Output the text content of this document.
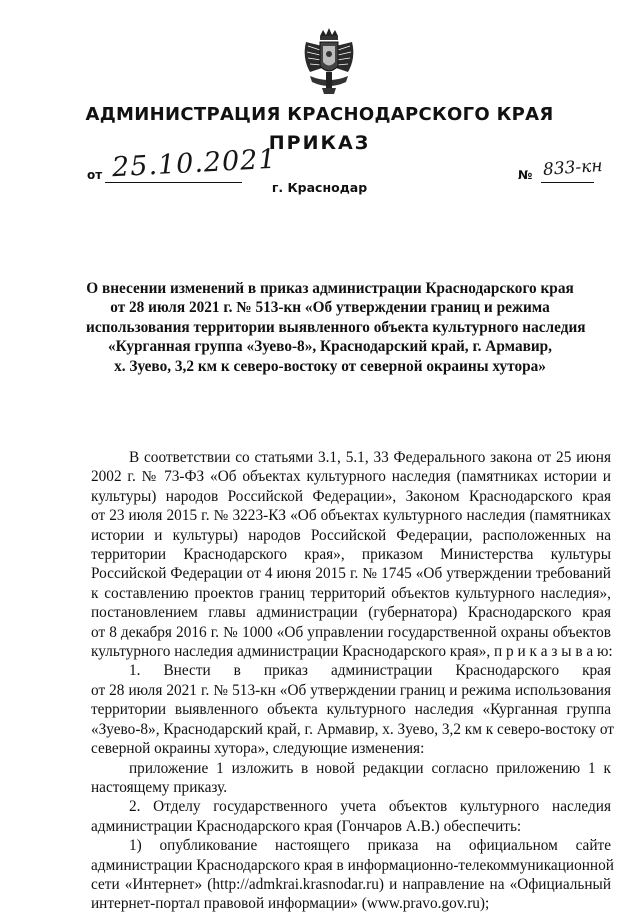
АДМИНИСТРАЦИЯ КРАСНОДАРСКОГО КРАЯ
ПРИКАЗ
от 25.10.2021	№ 833-кн
г. Краснодар
О внесении изменений в приказ администрации Краснодарского края
от 28 июля 2021 г. № 513-кн «Об утверждении границ и режима
использования территории выявленного объекта культурного наследия
«Курганная группа «Зуево-8», Краснодарский край, г. Армавир,
х. Зуево, 3,2 км к северо-востоку от северной окраины хутора»
В соответствии со статьями 3.1, 5.1, 33 Федерального закона от 25 июня
2002 г. № 73-ФЗ «Об объектах культурного наследия (памятниках истории и
культуры) народов Российской Федерации», Законом Краснодарского края
от 23 июля 2015 г. № 3223-КЗ «Об объектах культурного наследия (памятниках
истории и культуры) народов Российской Федерации, расположенных на
территории Краснодарского края», приказом Министерства культуры
Российской Федерации от 4 июня 2015 г. № 1745 «Об утверждении требований
к составлению проектов границ территорий объектов культурного наследия»,
постановлением главы администрации (губернатора) Краснодарского края
от 8 декабря 2016 г. № 1000 «Об управлении государственной охраны объектов
культурного наследия администрации Краснодарского края», п р и к а з ы в а ю:
1. Внести в приказ администрации Краснодарского края
от 28 июля 2021 г. № 513-кн «Об утверждении границ и режима использования
территории выявленного объекта культурного наследия «Курганная группа
«Зуево-8», Краснодарский край, г. Армавир, х. Зуево, 3,2 км к северо-востоку от
северной окраины хутора», следующие изменения:
приложение 1 изложить в новой редакции согласно приложению 1 к
настоящему приказу.
2. Отделу государственного учета объектов культурного наследия
администрации Краснодарского края (Гончаров А.В.) обеспечить:
1) опубликование настоящего приказа на официальном сайте
администрации Краснодарского края в информационно-телекоммуникационной
сети «Интернет» (http://admkrai.krasnodar.ru) и направление на «Официальный
интернет-портал правовой информации» (www.pravo.gov.ru);
